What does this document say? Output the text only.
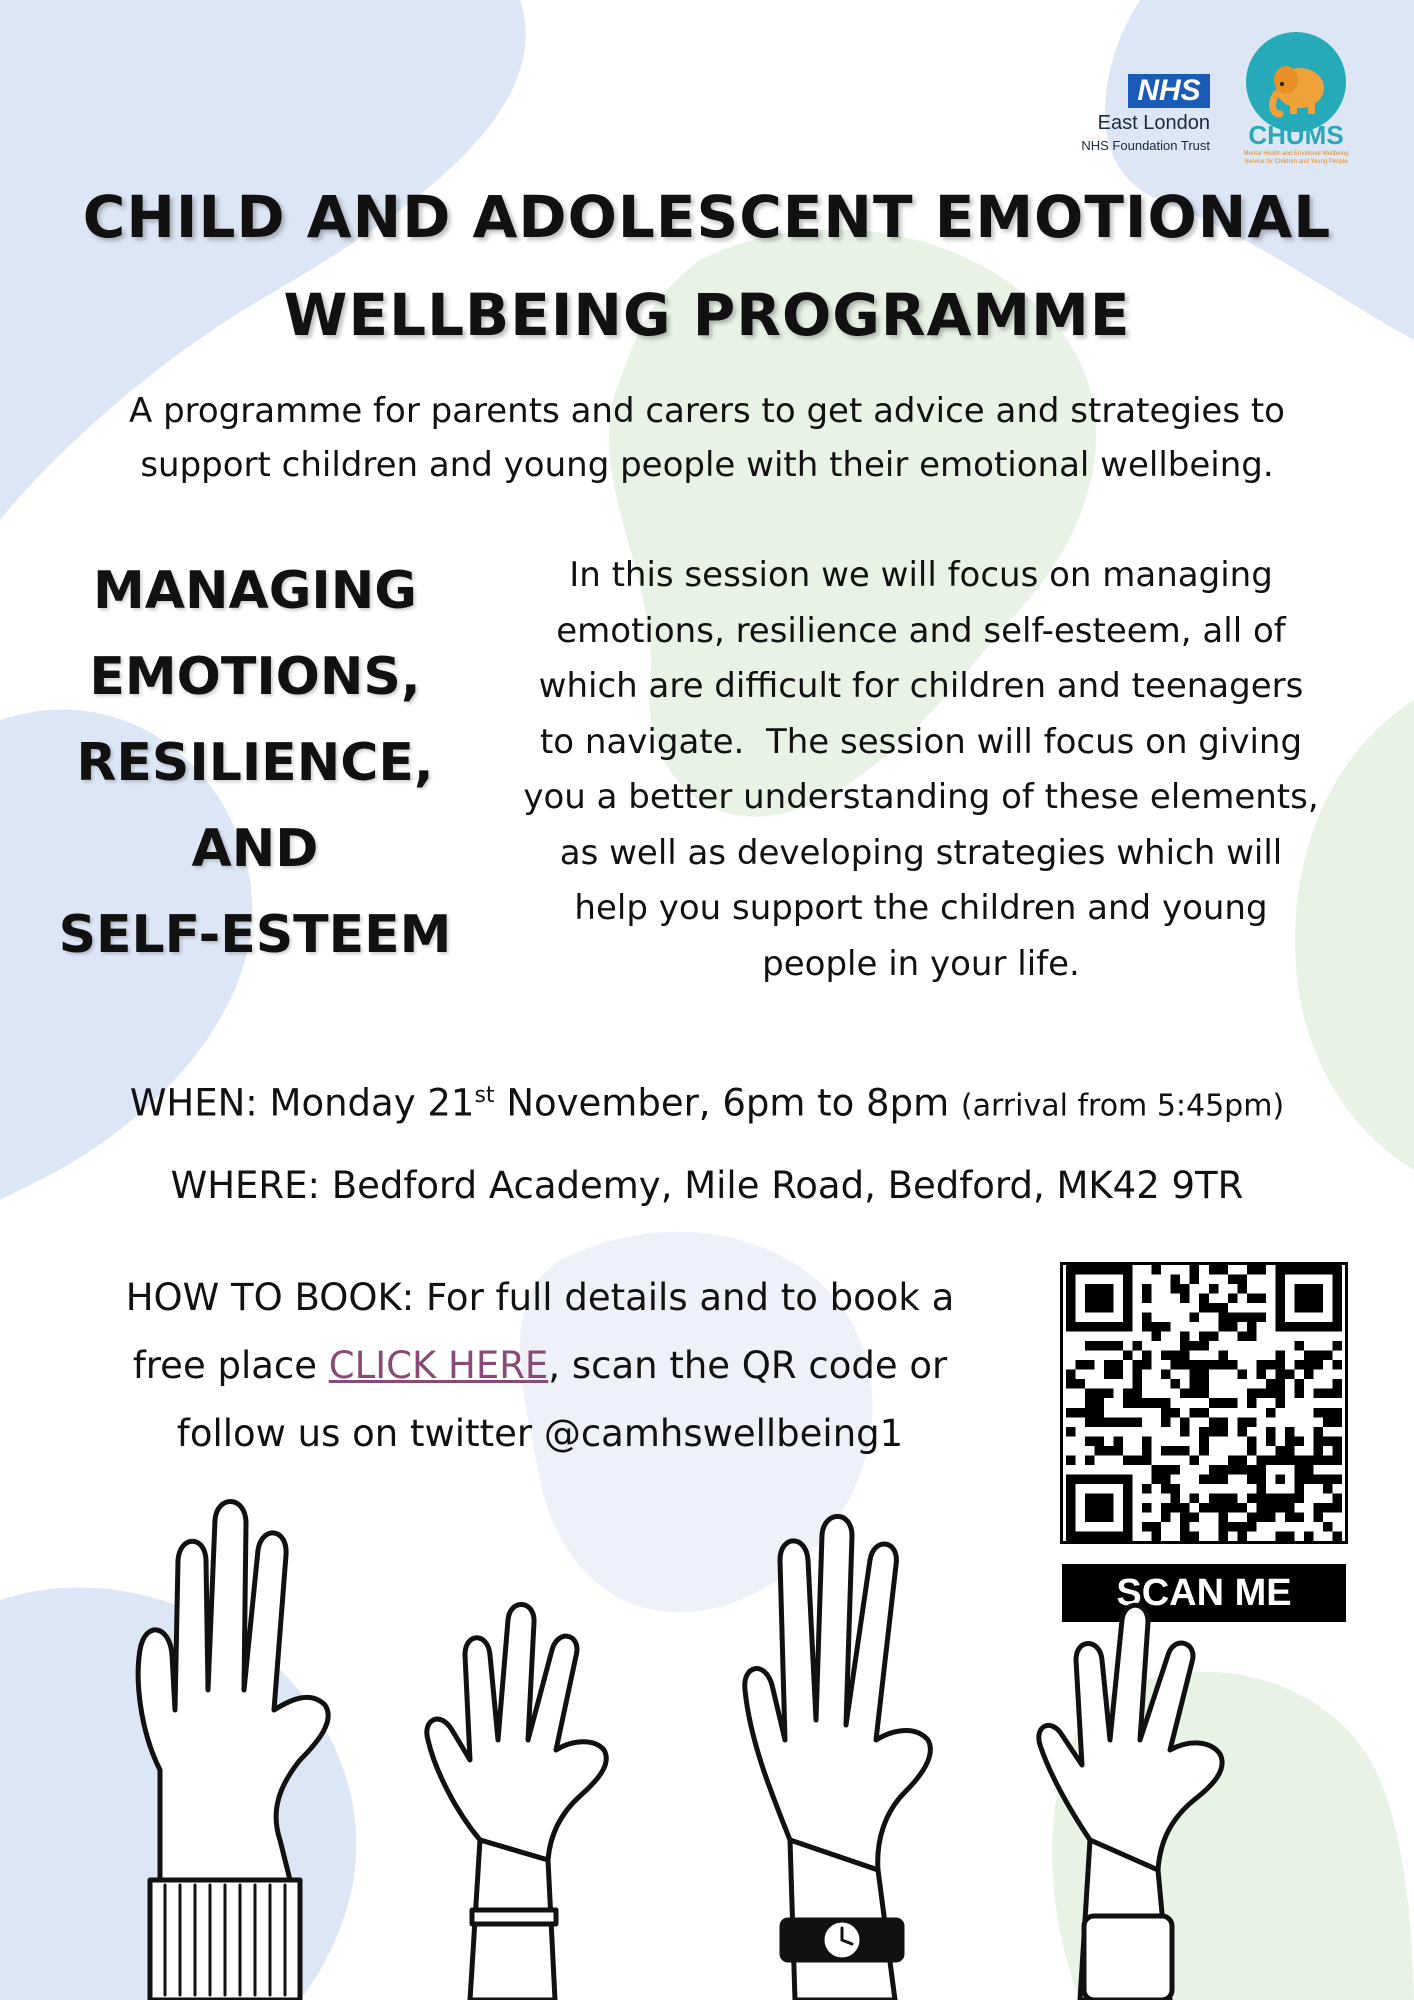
NHS
East London
NHS Foundation Trust	CHUMS
Mental Health and Emotional Wellbeing Service for Children and Young People
CHILD AND ADOLESCENT EMOTIONAL
WELLBEING PROGRAMME
A programme for parents and carers to get advice and strategies to
support children and young people with their emotional wellbeing.
MANAGING
EMOTIONS,
RESILIENCE,
AND
SELF-ESTEEM
In this session we will focus on managing
emotions, resilience and self-esteem, all of
which are difficult for children and teenagers
to navigate.  The session will focus on giving
you a better understanding of these elements,
as well as developing strategies which will
help you support the children and young
people in your life.
WHEN: Monday 21st November, 6pm to 8pm (arrival from 5:45pm)
WHERE: Bedford Academy, Mile Road, Bedford, MK42 9TR
HOW TO BOOK: For full details and to book a
free place CLICK HERE, scan the QR code or
follow us on twitter @camhswellbeing1
SCAN ME
